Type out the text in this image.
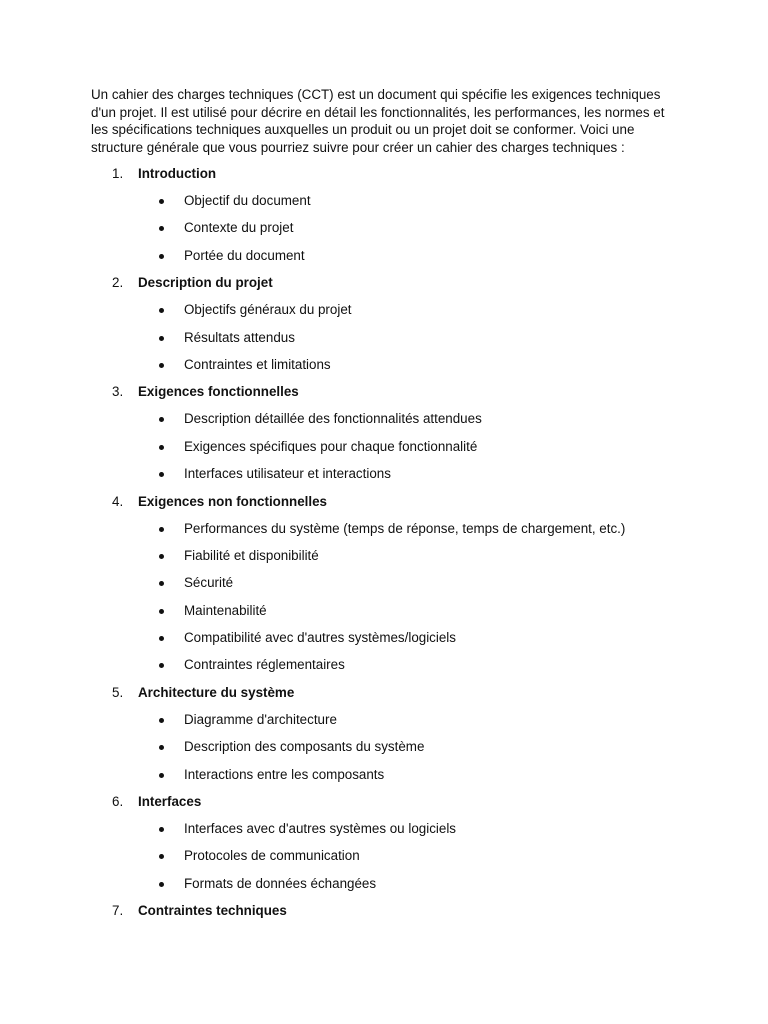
Un cahier des charges techniques (CCT) est un document qui spécifie les exigences techniques d'un projet. Il est utilisé pour décrire en détail les fonctionnalités, les performances, les normes et les spécifications techniques auxquelles un produit ou un projet doit se conformer. Voici une structure générale que vous pourriez suivre pour créer un cahier des charges techniques :

1.	Introduction
Objectif du document
Contexte du projet
Portée du document
2.	Description du projet
Objectifs généraux du projet
Résultats attendus
Contraintes et limitations
3.	Exigences fonctionnelles
Description détaillée des fonctionnalités attendues
Exigences spécifiques pour chaque fonctionnalité
Interfaces utilisateur et interactions
4.	Exigences non fonctionnelles
Performances du système (temps de réponse, temps de chargement, etc.)
Fiabilité et disponibilité
Sécurité
Maintenabilité
Compatibilité avec d'autres systèmes/logiciels
Contraintes réglementaires
5.	Architecture du système
Diagramme d'architecture
Description des composants du système
Interactions entre les composants
6.	Interfaces
Interfaces avec d'autres systèmes ou logiciels
Protocoles de communication
Formats de données échangées
7.	Contraintes techniques
